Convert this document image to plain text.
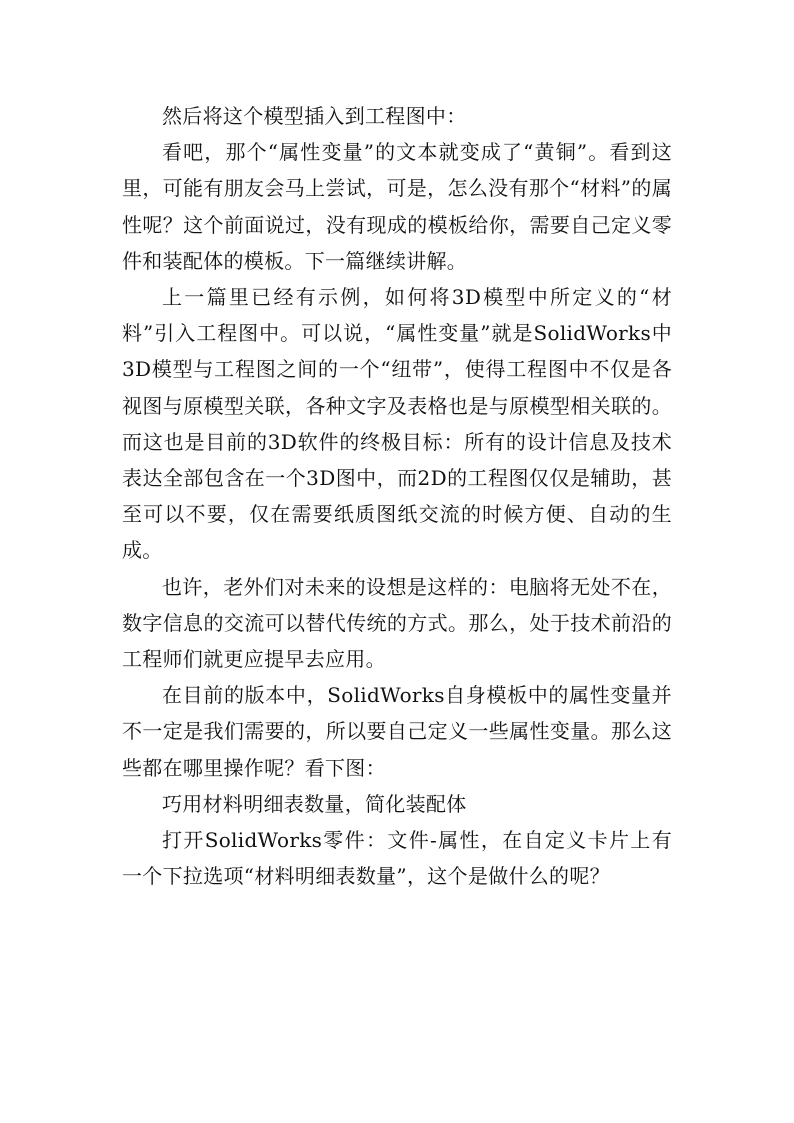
然后将这个模型插入到工程图中：

看吧，那个“属性变量”的文本就变成了“黄铜”。看到这里，可能有朋友会马上尝试，可是，怎么没有那个“材料”的属性呢？这个前面说过，没有现成的模板给你，需要自己定义零件和装配体的模板。下一篇继续讲解。

上一篇里已经有示例，如何将3D模型中所定义的“材料”引入工程图中。可以说，“属性变量”就是SolidWorks中3D模型与工程图之间的一个“纽带”，使得工程图中不仅是各视图与原模型关联，各种文字及表格也是与原模型相关联的。而这也是目前的3D软件的终极目标：所有的设计信息及技术表达全部包含在一个3D图中，而2D的工程图仅仅是辅助，甚至可以不要，仅在需要纸质图纸交流的时候方便、自动的生成。

也许，老外们对未来的设想是这样的：电脑将无处不在，数字信息的交流可以替代传统的方式。那么，处于技术前沿的工程师们就更应提早去应用。

在目前的版本中，SolidWorks自身模板中的属性变量并不一定是我们需要的，所以要自己定义一些属性变量。那么这些都在哪里操作呢？看下图：

巧用材料明细表数量，简化装配体

打开SolidWorks零件：文件-属性，在自定义卡片上有一个下拉选项“材料明细表数量”，这个是做什么的呢？
